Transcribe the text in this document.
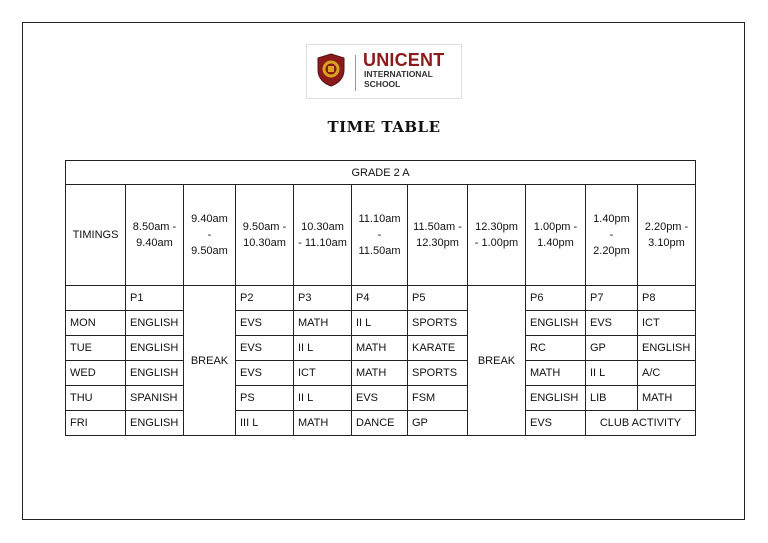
UNICENT
INTERNATIONAL
SCHOOL
TIME TABLE
GRADE 2 A										
TIMINGS	8.50am - 9.40am	9.40am - 9.50am	9.50am - 10.30am	10.30am - 11.10am	11.10am - 11.50am	11.50am - 12.30pm	12.30pm - 1.00pm	1.00pm - 1.40pm	1.40pm - 2.20pm	2.20pm - 3.10pm
	P1	BREAK	P2	P3	P4	P5	BREAK	P6	P7	P8
MON	ENGLISH		EVS	MATH	II L	SPORTS		ENGLISH	EVS	ICT
TUE	ENGLISH		EVS	II L	MATH	KARATE		RC	GP	ENGLISH
WED	ENGLISH		EVS	ICT	MATH	SPORTS		MATH	II L	A/C
THU	SPANISH		PS	II L	EVS	FSM		ENGLISH	LIB	MATH
FRI	ENGLISH		III L	MATH	DANCE	GP		EVS	CLUB ACTIVITY	
